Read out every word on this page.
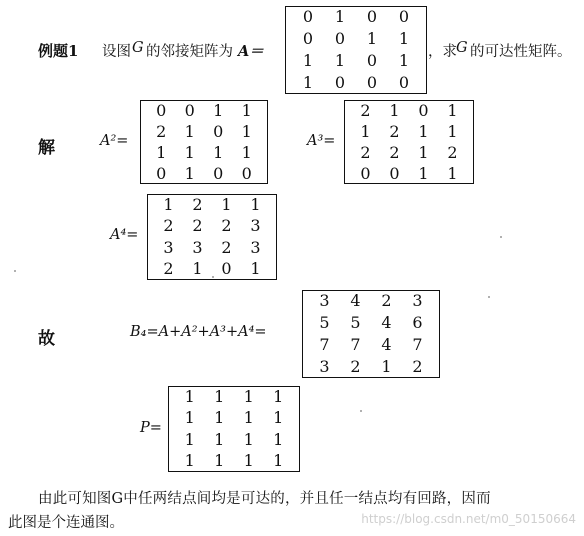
例题1 设图 G 的邻接矩阵为 A＝
0 1 0 0
0 0 1 1
1 1 0 1
1 0 0 0
，求 G 的可达性矩阵。
解	A²=
0 0 1 1
2 1 0 1
1 1 1 1
0 1 0 0
A³=
2 1 0 1
1 2 1 1
2 2 1 2
0 0 1 1
A⁴=
1 2 1 1
2 2 2 3
3 3 2 3
2 1 0 1
故	B₄=A+A²+A³+A⁴=
3 4 2 3
5 5 4 6
7 7 4 7
3 2 1 2
P=
1 1 1 1
1 1 1 1
1 1 1 1
1 1 1 1
由此可知图G中任两结点间均是可达的，并且任一结点均有回路，因而
此图是个连通图。	https://blog.csdn.net/m0_50150664
